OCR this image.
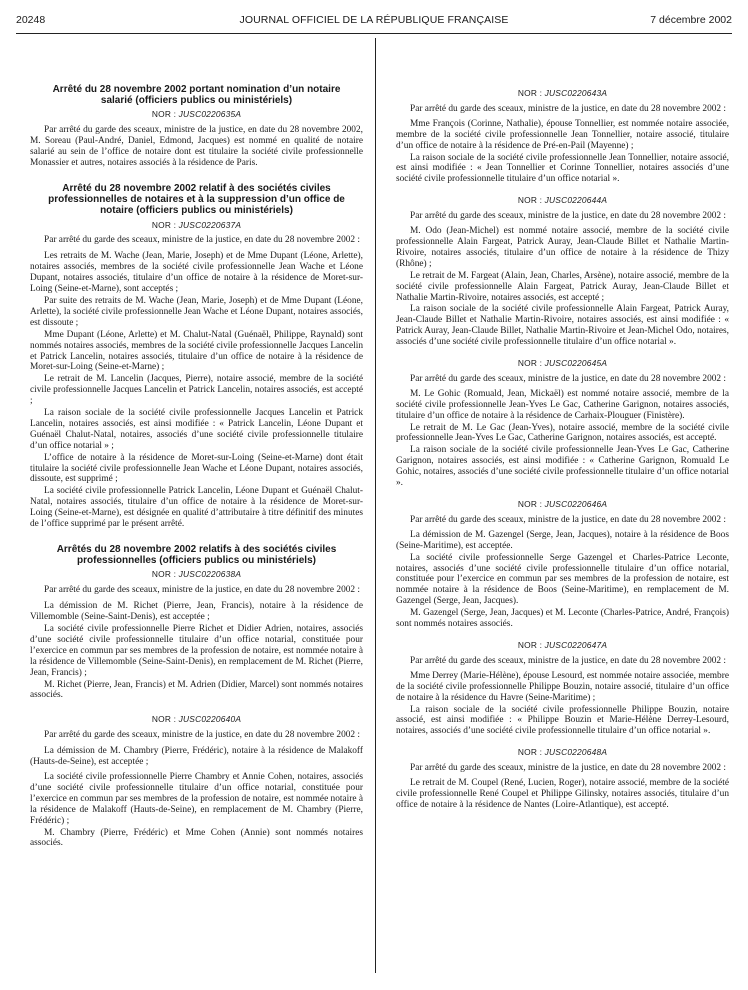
20248	JOURNAL OFFICIEL DE LA RÉPUBLIQUE FRANÇAISE	7 décembre 2002
Arrêté du 28 novembre 2002 portant nomination d’un notaire salarié (officiers publics ou ministériels)
NOR : JUSC0220635A

Par arrêté du garde des sceaux, ministre de la justice, en date du 28 novembre 2002, M. Soreau (Paul-André, Daniel, Edmond, Jacques) est nommé en qualité de notaire salarié au sein de l’office de notaire dont est titulaire la société civile professionnelle Monassier et autres, notaires associés à la résidence de Paris.

Arrêté du 28 novembre 2002 relatif à des sociétés civiles professionnelles de notaires et à la suppression d’un office de notaire (officiers publics ou ministériels)
NOR : JUSC0220637A

Par arrêté du garde des sceaux, ministre de la justice, en date du 28 novembre 2002 :

Les retraits de M. Wache (Jean, Marie, Joseph) et de Mme Dupant (Léone, Arlette), notaires associés, membres de la société civile professionnelle Jean Wache et Léone Dupant, notaires associés, titulaire d’un office de notaire à la résidence de Moret-sur-Loing (Seine-et-Marne), sont acceptés ;

Par suite des retraits de M. Wache (Jean, Marie, Joseph) et de Mme Dupant (Léone, Arlette), la société civile professionnelle Jean Wache et Léone Dupant, notaires associés, est dissoute ;

Mme Dupant (Léone, Arlette) et M. Chalut-Natal (Guénaël, Philippe, Raynald) sont nommés notaires associés, membres de la société civile professionnelle Jacques Lancelin et Patrick Lancelin, notaires associés, titulaire d’un office de notaire à la résidence de Moret-sur-Loing (Seine-et-Marne) ;

Le retrait de M. Lancelin (Jacques, Pierre), notaire associé, membre de la société civile professionnelle Jacques Lancelin et Patrick Lancelin, notaires associés, est accepté ;

La raison sociale de la société civile professionnelle Jacques Lancelin et Patrick Lancelin, notaires associés, est ainsi modifiée : « Patrick Lancelin, Léone Dupant et Guénaël Chalut-Natal, notaires, associés d’une société civile professionnelle titulaire d’un office notarial » ;

L’office de notaire à la résidence de Moret-sur-Loing (Seine-et-Marne) dont était titulaire la société civile professionnelle Jean Wache et Léone Dupant, notaires associés, dissoute, est supprimé ;

La société civile professionnelle Patrick Lancelin, Léone Dupant et Guénaël Chalut-Natal, notaires associés, titulaire d’un office de notaire à la résidence de Moret-sur-Loing (Seine-et-Marne), est désignée en qualité d’attributaire à titre définitif des minutes de l’office supprimé par le présent arrêté.

Arrêtés du 28 novembre 2002 relatifs à des sociétés civiles professionnelles (officiers publics ou ministériels)
NOR : JUSC0220638A

Par arrêté du garde des sceaux, ministre de la justice, en date du 28 novembre 2002 :

La démission de M. Richet (Pierre, Jean, Francis), notaire à la résidence de Villemomble (Seine-Saint-Denis), est acceptée ;

La société civile professionnelle Pierre Richet et Didier Adrien, notaires, associés d’une société civile professionnelle titulaire d’un office notarial, constituée pour l’exercice en commun par ses membres de la profession de notaire, est nommée notaire à la résidence de Villemomble (Seine-Saint-Denis), en remplacement de M. Richet (Pierre, Jean, Francis) ;

M. Richet (Pierre, Jean, Francis) et M. Adrien (Didier, Marcel) sont nommés notaires associés.

NOR : JUSC0220640A

Par arrêté du garde des sceaux, ministre de la justice, en date du 28 novembre 2002 :

La démission de M. Chambry (Pierre, Frédéric), notaire à la résidence de Malakoff (Hauts-de-Seine), est acceptée ;

La société civile professionnelle Pierre Chambry et Annie Cohen, notaires, associés d’une société civile professionnelle titulaire d’un office notarial, constituée pour l’exercice en commun par ses membres de la profession de notaire, est nommée notaire à la résidence de Malakoff (Hauts-de-Seine), en remplacement de M. Chambry (Pierre, Frédéric) ;

M. Chambry (Pierre, Frédéric) et Mme Cohen (Annie) sont nommés notaires associés.

NOR : JUSC0220643A

Par arrêté du garde des sceaux, ministre de la justice, en date du 28 novembre 2002 :

Mme François (Corinne, Nathalie), épouse Tonnellier, est nommée notaire associée, membre de la société civile professionnelle Jean Tonnellier, notaire associé, titulaire d’un office de notaire à la résidence de Pré-en-Pail (Mayenne) ;

La raison sociale de la société civile professionnelle Jean Tonnellier, notaire associé, est ainsi modifiée : « Jean Tonnellier et Corinne Tonnellier, notaires associés d’une société civile professionnelle titulaire d’un office notarial ».

NOR : JUSC0220644A

Par arrêté du garde des sceaux, ministre de la justice, en date du 28 novembre 2002 :

M. Odo (Jean-Michel) est nommé notaire associé, membre de la société civile professionnelle Alain Fargeat, Patrick Auray, Jean-Claude Billet et Nathalie Martin-Rivoire, notaires associés, titulaire d’un office de notaire à la résidence de Thizy (Rhône) ;

Le retrait de M. Fargeat (Alain, Jean, Charles, Arsène), notaire associé, membre de la société civile professionnelle Alain Fargeat, Patrick Auray, Jean-Claude Billet et Nathalie Martin-Rivoire, notaires associés, est accepté ;

La raison sociale de la société civile professionnelle Alain Fargeat, Patrick Auray, Jean-Claude Billet et Nathalie Martin-Rivoire, notaires associés, est ainsi modifiée : « Patrick Auray, Jean-Claude Billet, Nathalie Martin-Rivoire et Jean-Michel Odo, notaires, associés d’une société civile professionnelle titulaire d’un office notarial ».

NOR : JUSC0220645A

Par arrêté du garde des sceaux, ministre de la justice, en date du 28 novembre 2002 :

M. Le Gohic (Romuald, Jean, Mickaël) est nommé notaire associé, membre de la société civile professionnelle Jean-Yves Le Gac, Catherine Garignon, notaires associés, titulaire d’un office de notaire à la résidence de Carhaix-Plouguer (Finistère).

Le retrait de M. Le Gac (Jean-Yves), notaire associé, membre de la société civile professionnelle Jean-Yves Le Gac, Catherine Garignon, notaires associés, est accepté.

La raison sociale de la société civile professionnelle Jean-Yves Le Gac, Catherine Garignon, notaires associés, est ainsi modifiée : « Catherine Garignon, Romuald Le Gohic, notaires, associés d’une société civile professionnelle titulaire d’un office notarial ».

NOR : JUSC0220646A

Par arrêté du garde des sceaux, ministre de la justice, en date du 28 novembre 2002 :

La démission de M. Gazengel (Serge, Jean, Jacques), notaire à la résidence de Boos (Seine-Maritime), est acceptée.

La société civile professionnelle Serge Gazengel et Charles-Patrice Leconte, notaires, associés d’une société civile professionnelle titulaire d’un office notarial, constituée pour l’exercice en commun par ses membres de la profession de notaire, est nommée notaire à la résidence de Boos (Seine-Maritime), en remplacement de M. Gazengel (Serge, Jean, Jacques).

M. Gazengel (Serge, Jean, Jacques) et M. Leconte (Charles-Patrice, André, François) sont nommés notaires associés.

NOR : JUSC0220647A

Par arrêté du garde des sceaux, ministre de la justice, en date du 28 novembre 2002 :

Mme Derrey (Marie-Hélène), épouse Lesourd, est nommée notaire associée, membre de la société civile professionnelle Philippe Bouzin, notaire associé, titulaire d’un office de notaire à la résidence du Havre (Seine-Maritime) ;

La raison sociale de la société civile professionnelle Philippe Bouzin, notaire associé, est ainsi modifiée : « Philippe Bouzin et Marie-Hélène Derrey-Lesourd, notaires, associés d’une société civile professionnelle titulaire d’un office notarial ».

NOR : JUSC0220648A

Par arrêté du garde des sceaux, ministre de la justice, en date du 28 novembre 2002 :

Le retrait de M. Coupel (René, Lucien, Roger), notaire associé, membre de la société civile professionnelle René Coupel et Philippe Gilinsky, notaires associés, titulaire d’un office de notaire à la résidence de Nantes (Loire-Atlantique), est accepté.
